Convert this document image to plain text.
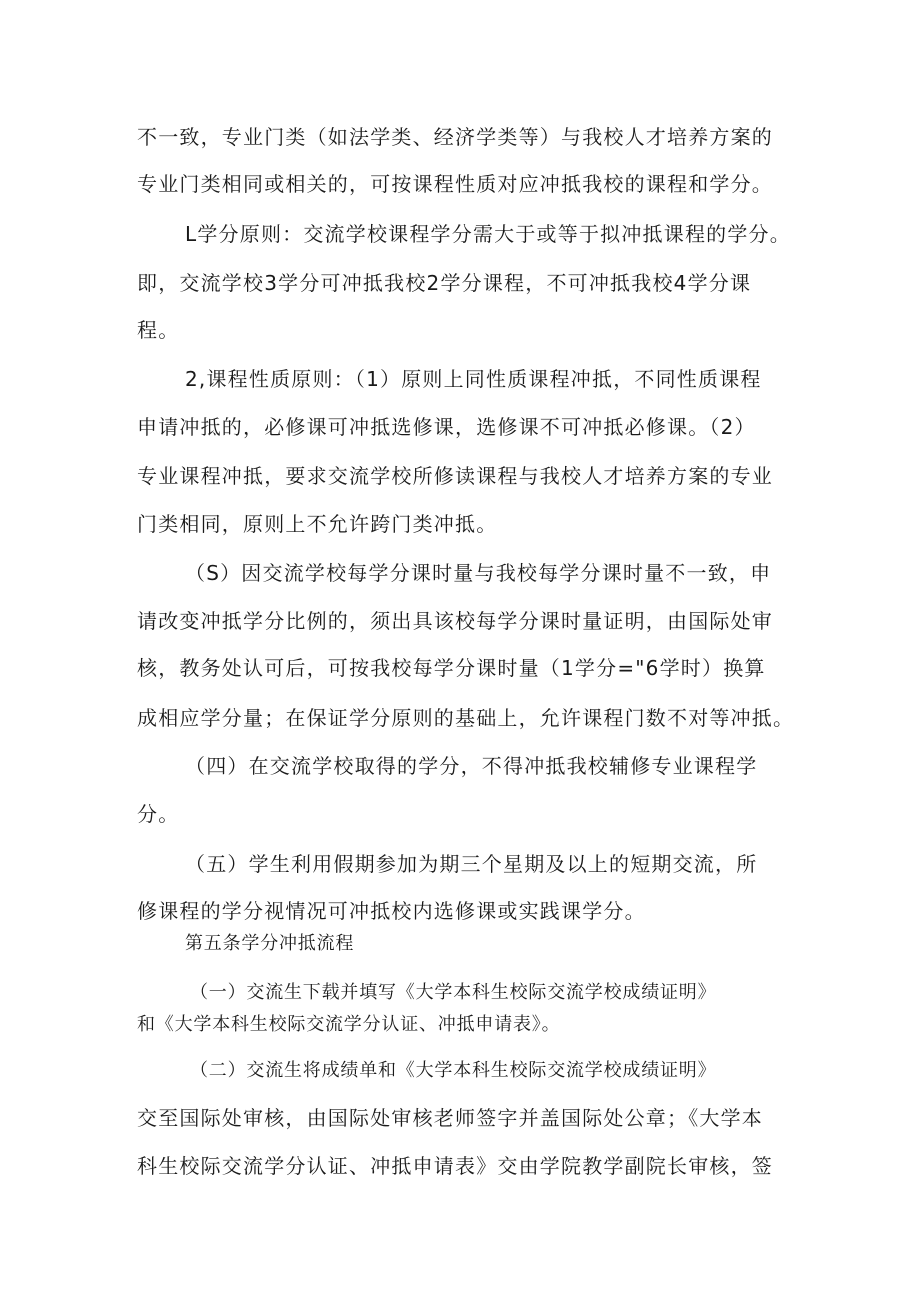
不一致，专业门类（如法学类、经济学类等）与我校人才培养方案的
专业门类相同或相关的，可按课程性质对应冲抵我校的课程和学分。
L学分原则：交流学校课程学分需大于或等于拟冲抵课程的学分。
即，交流学校3学分可冲抵我校2学分课程，不可冲抵我校4学分课
程。
2,课程性质原则：（1）原则上同性质课程冲抵，不同性质课程
申请冲抵的，必修课可冲抵选修课，选修课不可冲抵必修课。（2）
专业课程冲抵，要求交流学校所修读课程与我校人才培养方案的专业
门类相同，原则上不允许跨门类冲抵。
（S）因交流学校每学分课时量与我校每学分课时量不一致，申
请改变冲抵学分比例的，须出具该校每学分课时量证明，由国际处审
核，教务处认可后，可按我校每学分课时量（1学分="6学时）换算
成相应学分量；在保证学分原则的基础上，允许课程门数不对等冲抵。
（四）在交流学校取得的学分，不得冲抵我校辅修专业课程学
分。
（五）学生利用假期参加为期三个星期及以上的短期交流，所
修课程的学分视情况可冲抵校内选修课或实践课学分。
第五条学分冲抵流程
（一）交流生下载并填写《大学本科生校际交流学校成绩证明》
和《大学本科生校际交流学分认证、冲抵申请表》。
（二）交流生将成绩单和《大学本科生校际交流学校成绩证明》
交至国际处审核，由国际处审核老师签字并盖国际处公章；《大学本
科生校际交流学分认证、冲抵申请表》交由学院教学副院长审核，签
